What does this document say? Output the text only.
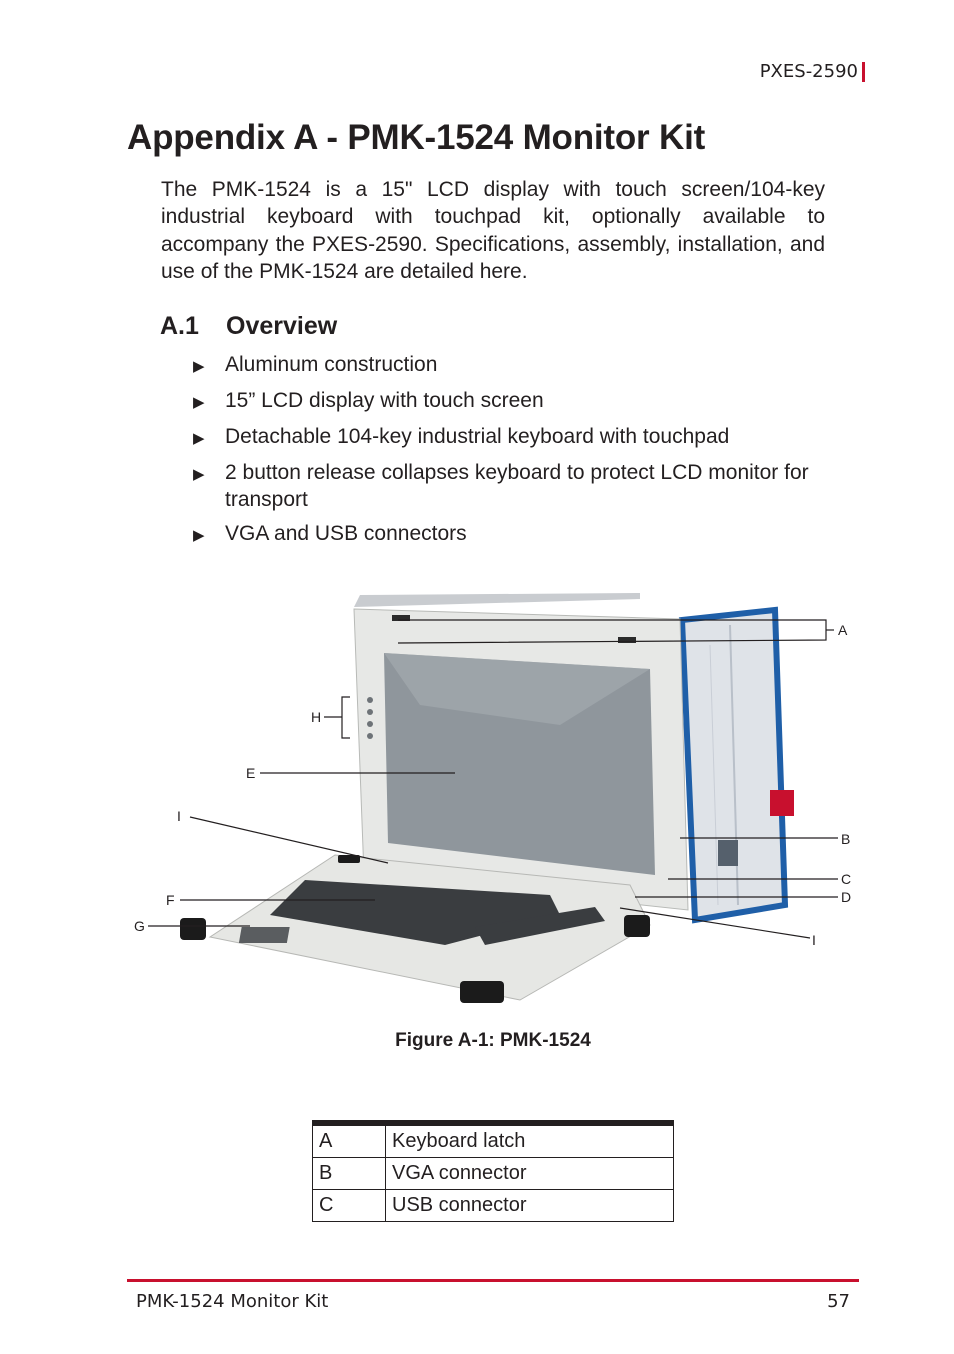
PXES-2590
Appendix A - PMK-1524 Monitor Kit

The PMK-1524 is a 15" LCD display with touch screen/104-key industrial keyboard with touchpad kit, optionally available to accompany the PXES-2590. Specifications, assembly, installation, and use of the PMK-1524 are detailed here.

A.1 Overview
▶ Aluminum construction
▶ 15” LCD display with touch screen
▶ Detachable 104-key industrial keyboard with touchpad
▶ 2 button release collapses keyboard to protect LCD monitor for transport
▶ VGA and USB connectors
A
H
E
I
F
G
B
C
D
I
Figure A-1: PMK-1524
A	Keyboard latch
B	VGA connector
C	USB connector
PMK-1524 Monitor Kit	57
